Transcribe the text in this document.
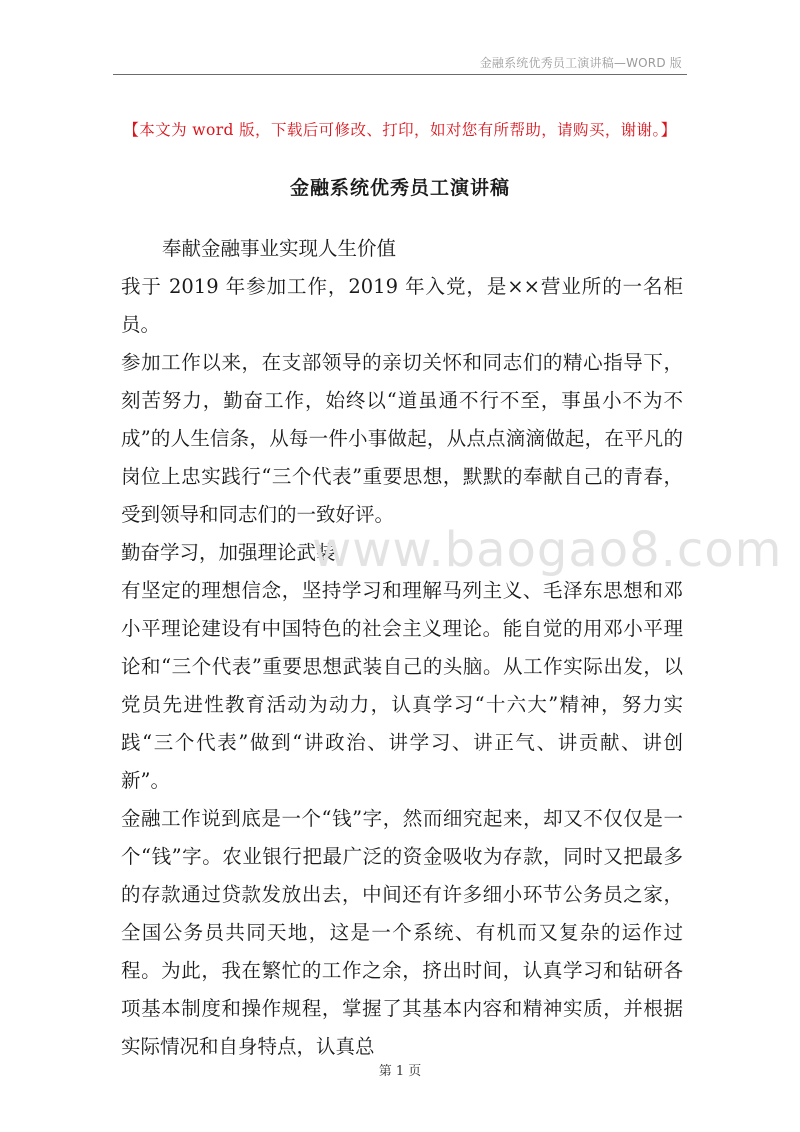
金融系统优秀员工演讲稿—WORD 版
【本文为 word 版，下载后可修改、打印，如对您有所帮助，请购买，谢谢。】
金融系统优秀员工演讲稿

奉献金融事业实现人生价值

我于 2019 年参加工作，2019 年入党，是××营业所的一名柜员。

参加工作以来，在支部领导的亲切关怀和同志们的精心指导下，刻苦努力，勤奋工作，始终以“道虽通不行不至，事虽小不为不成”的人生信条，从每一件小事做起，从点点滴滴做起，在平凡的岗位上忠实践行“三个代表”重要思想，默默的奉献自己的青春，受到领导和同志们的一致好评。

勤奋学习，加强理论武装

有坚定的理想信念，坚持学习和理解马列主义、毛泽东思想和邓小平理论建设有中国特色的社会主义理论。能自觉的用邓小平理论和“三个代表”重要思想武装自己的头脑。从工作实际出发，以党员先进性教育活动为动力，认真学习“十六大”精神，努力实践“三个代表”做到“讲政治、讲学习、讲正气、讲贡献、讲创新”。

金融工作说到底是一个“钱”字，然而细究起来，却又不仅仅是一个“钱”字。农业银行把最广泛的资金吸收为存款，同时又把最多的存款通过贷款发放出去，中间还有许多细小环节公务员之家，全国公务员共同天地，这是一个系统、有机而又复杂的运作过程。为此，我在繁忙的工作之余，挤出时间，认真学习和钻研各项基本制度和操作规程，掌握了其基本内容和精神实质，并根据实际情况和自身特点，认真总

www.baogao8.com
第 1 页
